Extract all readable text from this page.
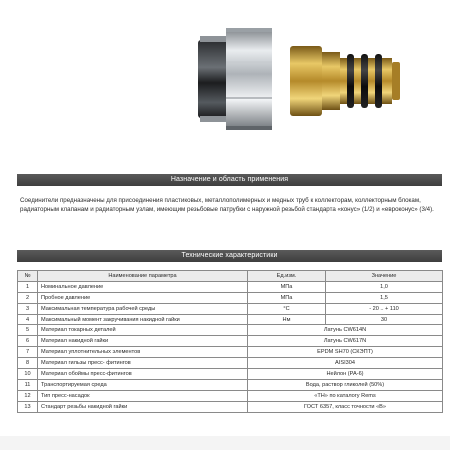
Назначение и область применения
Соединители предназначены для присоединения пластиковых, металлополимерных и медных труб к коллекторам, коллекторным блокам, радиаторным клапанам и радиаторным узлам, имеющим резьбовые патрубки с наружной резьбой стандарта «конус» (1/2) и «евроконус» (3/4).
Технические характеристики
№	Наименование параметра	Ед.изм.	Значение
1	Номинальное давление	МПа	1,0
2	Пробное давление	МПа	1,5
3	Максимальная температура рабочей среды	°С	- 20 .. + 110
4	Максимальный момент закручивания накидной гайки	Нм	30
5	Материал токарных деталей	Латунь CW614N	
6	Материал накидной гайки	Латунь CW617N	
7	Материал уплотнительных элементов	EPDM SH70 (СКЭПТ)	
8	Материал гильзы пресс- фитингов	AISI304	
10	Материал обоймы пресс-фитингов	Нейлон (PA-6)	
11	Транспортируемая среда	Вода, раствор гликолей (50%)	
12	Тип пресс-насадок	«TH» по каталогу Rems	
13	Стандарт резьбы накидной гайки	ГОСТ 6357, класс точности «В»	
